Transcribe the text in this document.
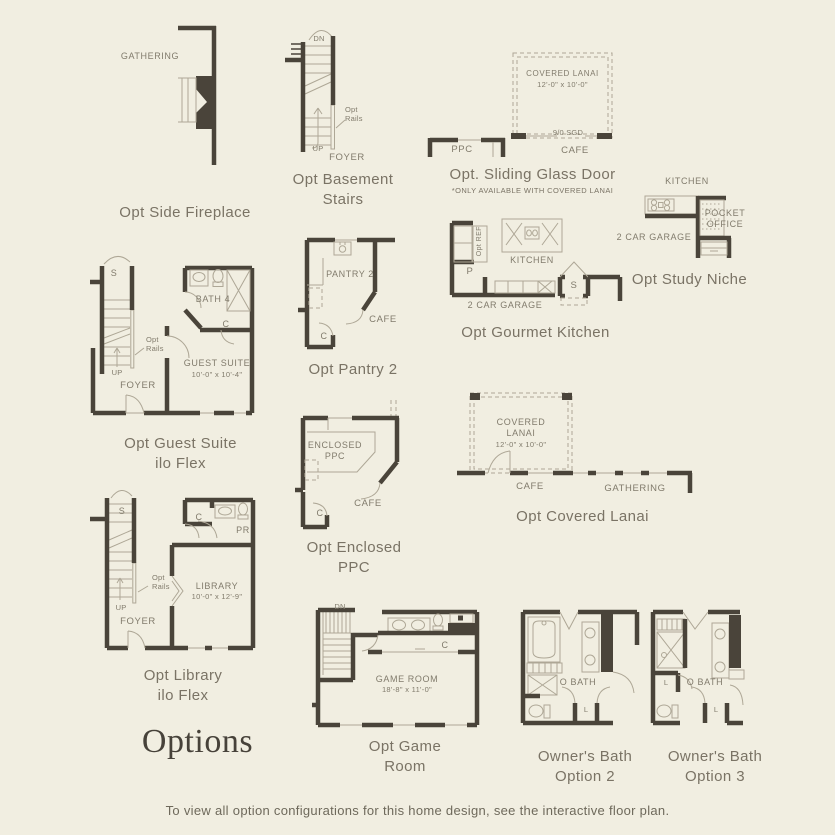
GATHERING
Opt Side Fireplace
DN
UP
Opt Rails
FOYER
Opt Basement Stairs
COVERED LANAI
12'-0" x 10'-0"
9/0 SGD
PPC	CAFE
Opt. Sliding Glass Door
*ONLY AVAILABLE WITH COVERED LANAI
KITCHEN
POCKET OFFICE
2 CAR GARAGE
Opt Study Niche
S
BATH 4
C
GUEST SUITE
10'-0" x 10'-4"
Opt Rails
UP
FOYER
Opt Guest Suite ilo Flex
PANTRY 2
CAFE
C
Opt Pantry 2
KITCHEN
Opt REF
P
S
2 CAR GARAGE
Opt Gourmet Kitchen
ENCLOSED PPC
CAFE
C
Opt Enclosed PPC
COVERED LANAI
12'-0" x 10'-0"
CAFE	GATHERING
Opt Covered Lanai
S
C
PR
Opt Rails
UP
FOYER
LIBRARY
10'-0" x 12'-9"
Opt Library ilo Flex
DN
C
GAME ROOM
18'-8" x 11'-0"
Opt Game Room
O BATH
L
Owner's Bath Option 2
L	O BATH
L
Owner's Bath Option 3
Options
To view all option configurations for this home design, see the interactive floor plan.
